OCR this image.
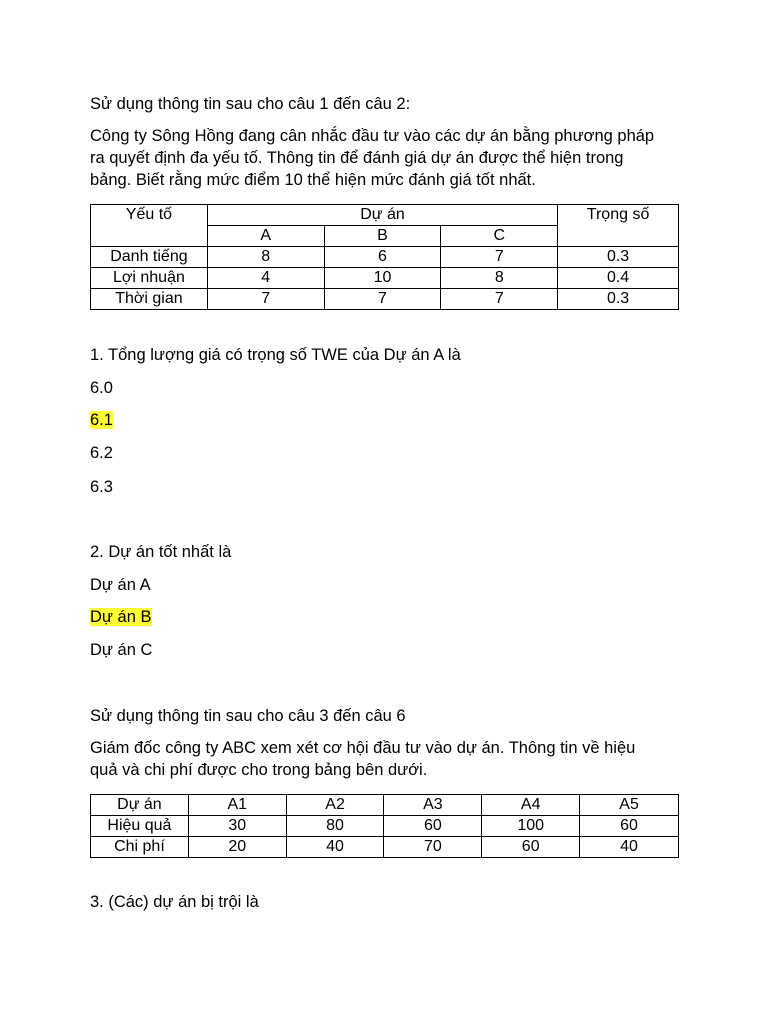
Sử dụng thông tin sau cho câu 1 đến câu 2:
Công ty Sông Hồng đang cân nhắc đầu tư vào các dự án bằng phương pháp
ra quyết định đa yếu tố. Thông tin để đánh giá dự án được thể hiện trong
bảng. Biết rằng mức điểm 10 thể hiện mức đánh giá tốt nhất.
Yếu tố	Dự án			Trọng số
	A	B	C	
Danh tiếng	8	6	7	0.3
Lợi nhuận	4	10	8	0.4
Thời gian	7	7	7	0.3
1. Tổng lượng giá có trọng số TWE của Dự án A là
6.0
6.1
6.2
6.3
2. Dự án tốt nhất là
Dự án A
Dự án B
Dự án C
Sử dụng thông tin sau cho câu 3 đến câu 6
Giám đốc công ty ABC xem xét cơ hội đầu tư vào dự án. Thông tin về hiệu
quả và chi phí được cho trong bảng bên dưới.
Dự án	A1	A2	A3	A4	A5
Hiệu quả	30	80	60	100	60
Chi phí	20	40	70	60	40
3. (Các) dự án bị trội là
